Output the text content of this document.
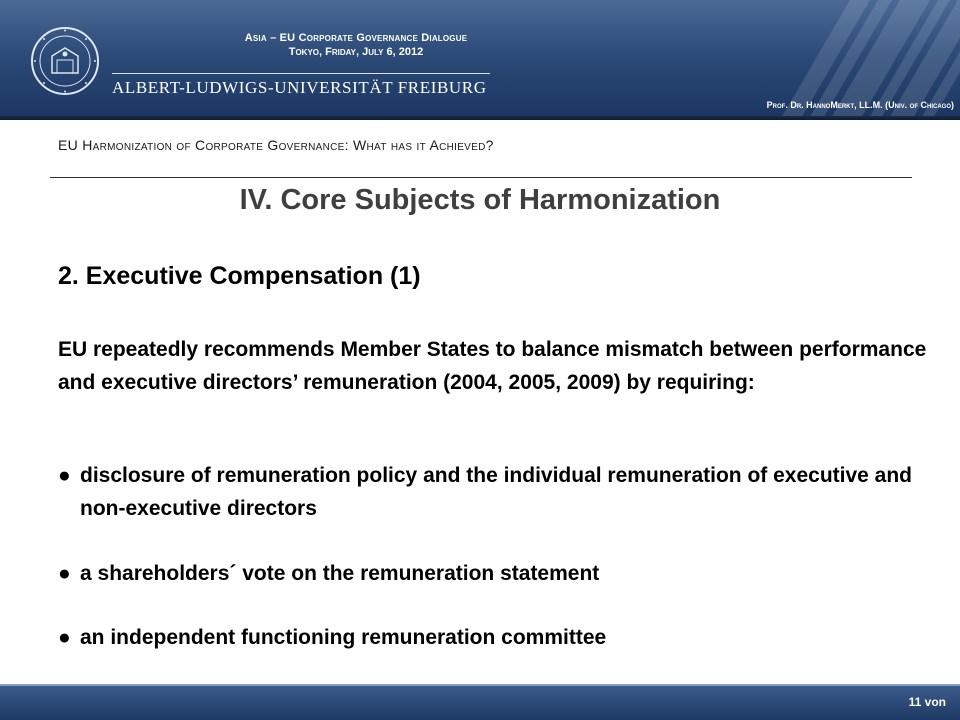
Asia – EU Corporate Governance Dialogue
Tokyo, Friday, July 6, 2012
ALBERT-LUDWIGS-UNIVERSITÄT FREIBURG
Prof. Dr. HannoMerkt, LL.M. (Univ. of Chicago)
EU Harmonization of Corporate Governance: What has it Achieved?
IV. Core Subjects of Harmonization
2. Executive Compensation (1)
EU repeatedly recommends Member States to balance mismatch between performance and executive directors’ remuneration (2004, 2005, 2009) by requiring:
● disclosure of remuneration policy and the individual remuneration of executive and non-executive directors
● a shareholders´ vote on the remuneration statement
● an independent functioning remuneration committee
11 von
